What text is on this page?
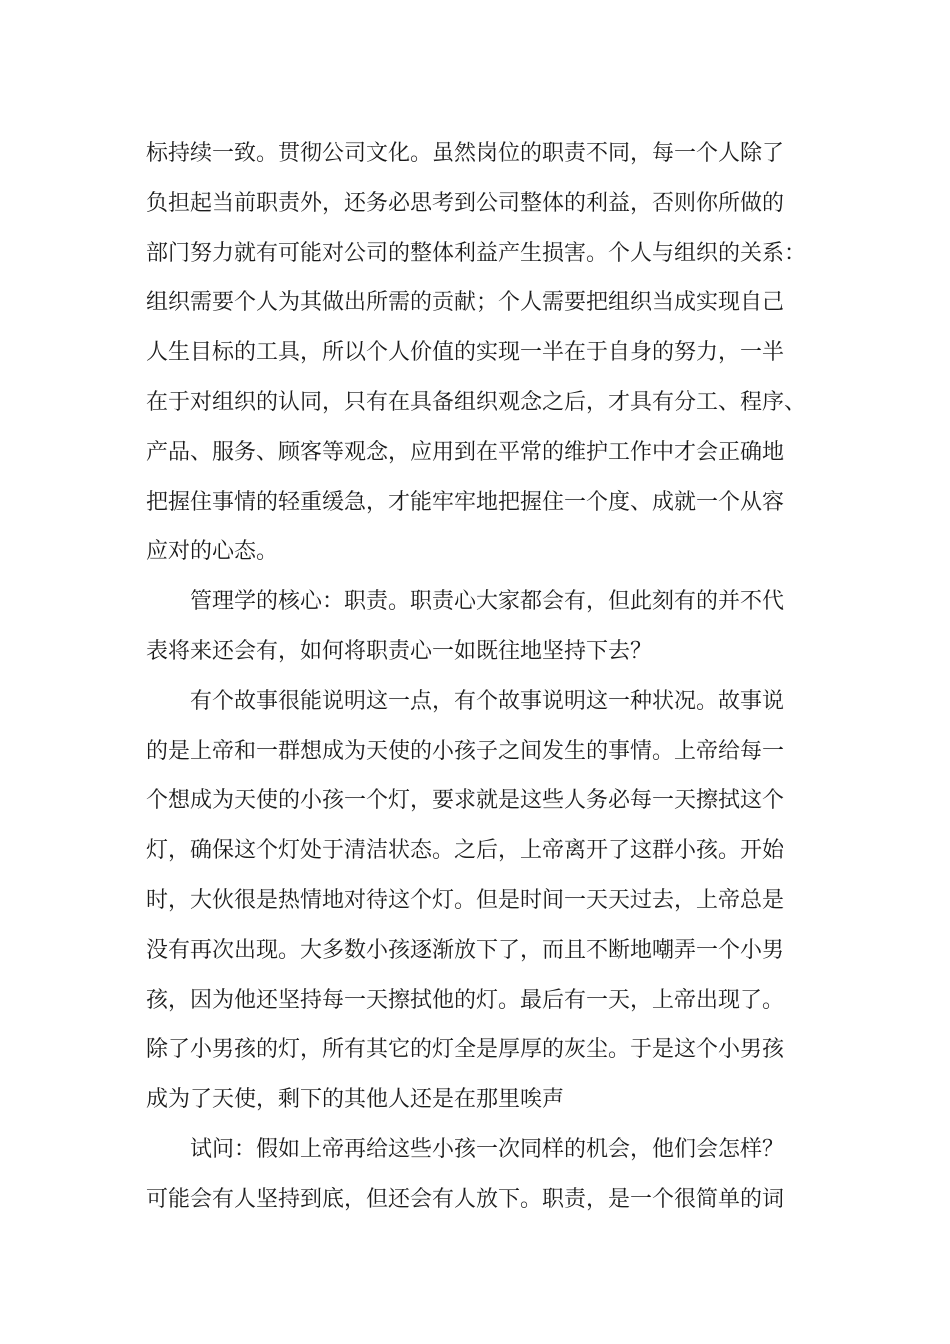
标持续一致。贯彻公司文化。虽然岗位的职责不同，每一个人除了
负担起当前职责外，还务必思考到公司整体的利益，否则你所做的
部门努力就有可能对公司的整体利益产生损害。个人与组织的关系：
组织需要个人为其做出所需的贡献；个人需要把组织当成实现自己
人生目标的工具，所以个人价值的实现一半在于自身的努力，一半
在于对组织的认同，只有在具备组织观念之后，才具有分工、程序、
产品、服务、顾客等观念，应用到在平常的维护工作中才会正确地
把握住事情的轻重缓急，才能牢牢地把握住一个度、成就一个从容
应对的心态。
管理学的核心：职责。职责心大家都会有，但此刻有的并不代
表将来还会有，如何将职责心一如既往地坚持下去？
有个故事很能说明这一点，有个故事说明这一种状况。故事说
的是上帝和一群想成为天使的小孩子之间发生的事情。上帝给每一
个想成为天使的小孩一个灯，要求就是这些人务必每一天擦拭这个
灯，确保这个灯处于清洁状态。之后，上帝离开了这群小孩。开始
时，大伙很是热情地对待这个灯。但是时间一天天过去，上帝总是
没有再次出现。大多数小孩逐渐放下了，而且不断地嘲弄一个小男
孩，因为他还坚持每一天擦拭他的灯。最后有一天，上帝出现了。
除了小男孩的灯，所有其它的灯全是厚厚的灰尘。于是这个小男孩
成为了天使，剩下的其他人还是在那里唉声
试问：假如上帝再给这些小孩一次同样的机会，他们会怎样？
可能会有人坚持到底，但还会有人放下。职责，是一个很简单的词
